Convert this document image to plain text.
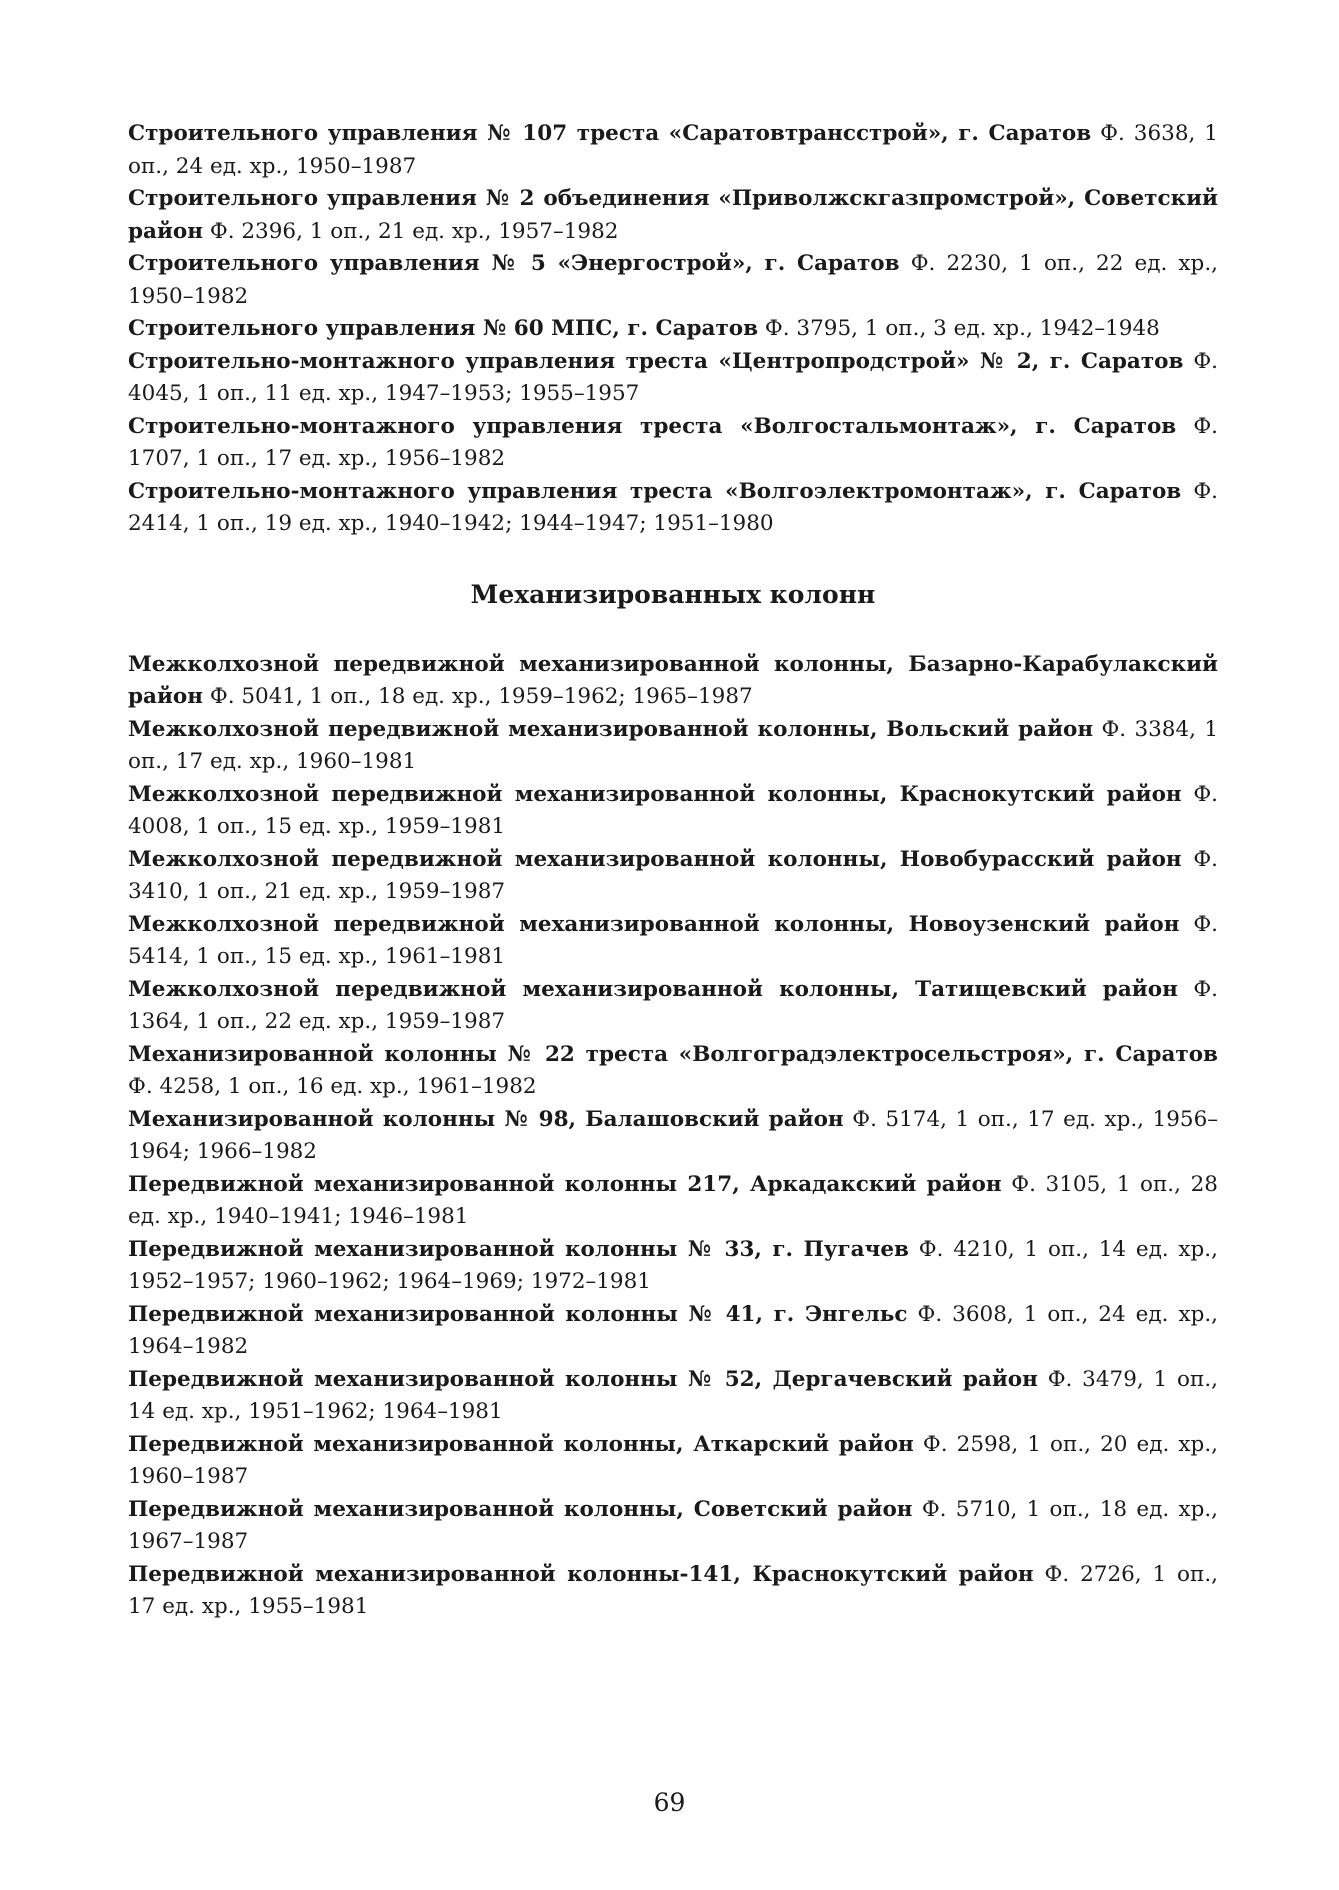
Строительного управления № 107 треста «Саратовтрансстрой», г. Саратов Ф. 3638, 1 оп., 24 ед. хр., 1950–1987

Строительного управления № 2 объединения «Приволжскгазпромстрой», Советский район Ф. 2396, 1 оп., 21 ед. хр., 1957–1982

Строительного управления № 5 «Энергострой», г. Саратов Ф. 2230, 1 оп., 22 ед. хр., 1950–1982

Строительного управления № 60 МПС, г. Саратов Ф. 3795, 1 оп., 3 ед. хр., 1942–1948

Строительно-монтажного управления треста «Центропродстрой» № 2, г. Саратов Ф. 4045, 1 оп., 11 ед. хр., 1947–1953; 1955–1957

Строительно-монтажного управления треста «Волгостальмонтаж», г. Саратов Ф. 1707, 1 оп., 17 ед. хр., 1956–1982

Строительно-монтажного управления треста «Волгоэлектромонтаж», г. Саратов Ф. 2414, 1 оп., 19 ед. хр., 1940–1942; 1944–1947; 1951–1980

Механизированных колонн

Межколхозной передвижной механизированной колонны, Базарно-Карабулакский район Ф. 5041, 1 оп., 18 ед. хр., 1959–1962; 1965–1987

Межколхозной передвижной механизированной колонны, Вольский район Ф. 3384, 1 оп., 17 ед. хр., 1960–1981

Межколхозной передвижной механизированной колонны, Краснокутский район Ф. 4008, 1 оп., 15 ед. хр., 1959–1981

Межколхозной передвижной механизированной колонны, Новобурасский район Ф. 3410, 1 оп., 21 ед. хр., 1959–1987

Межколхозной передвижной механизированной колонны, Новоузенский район Ф. 5414, 1 оп., 15 ед. хр., 1961–1981

Межколхозной передвижной механизированной колонны, Татищевский район Ф. 1364, 1 оп., 22 ед. хр., 1959–1987

Механизированной колонны № 22 треста «Волгоградэлектросельстроя», г. Саратов Ф. 4258, 1 оп., 16 ед. хр., 1961–1982

Механизированной колонны № 98, Балашовский район Ф. 5174, 1 оп., 17 ед. хр., 1956–1964; 1966–1982

Передвижной механизированной колонны 217, Аркадакский район Ф. 3105, 1 оп., 28 ед. хр., 1940–1941; 1946–1981

Передвижной механизированной колонны № 33, г. Пугачев Ф. 4210, 1 оп., 14 ед. хр., 1952–1957; 1960–1962; 1964–1969; 1972–1981

Передвижной механизированной колонны № 41, г. Энгельс Ф. 3608, 1 оп., 24 ед. хр., 1964–1982

Передвижной механизированной колонны № 52, Дергачевский район Ф. 3479, 1 оп., 14 ед. хр., 1951–1962; 1964–1981

Передвижной механизированной колонны, Аткарский район Ф. 2598, 1 оп., 20 ед. хр., 1960–1987

Передвижной механизированной колонны, Советский район Ф. 5710, 1 оп., 18 ед. хр., 1967–1987

Передвижной механизированной колонны-141, Краснокутский район Ф. 2726, 1 оп., 17 ед. хр., 1955–1981

69
